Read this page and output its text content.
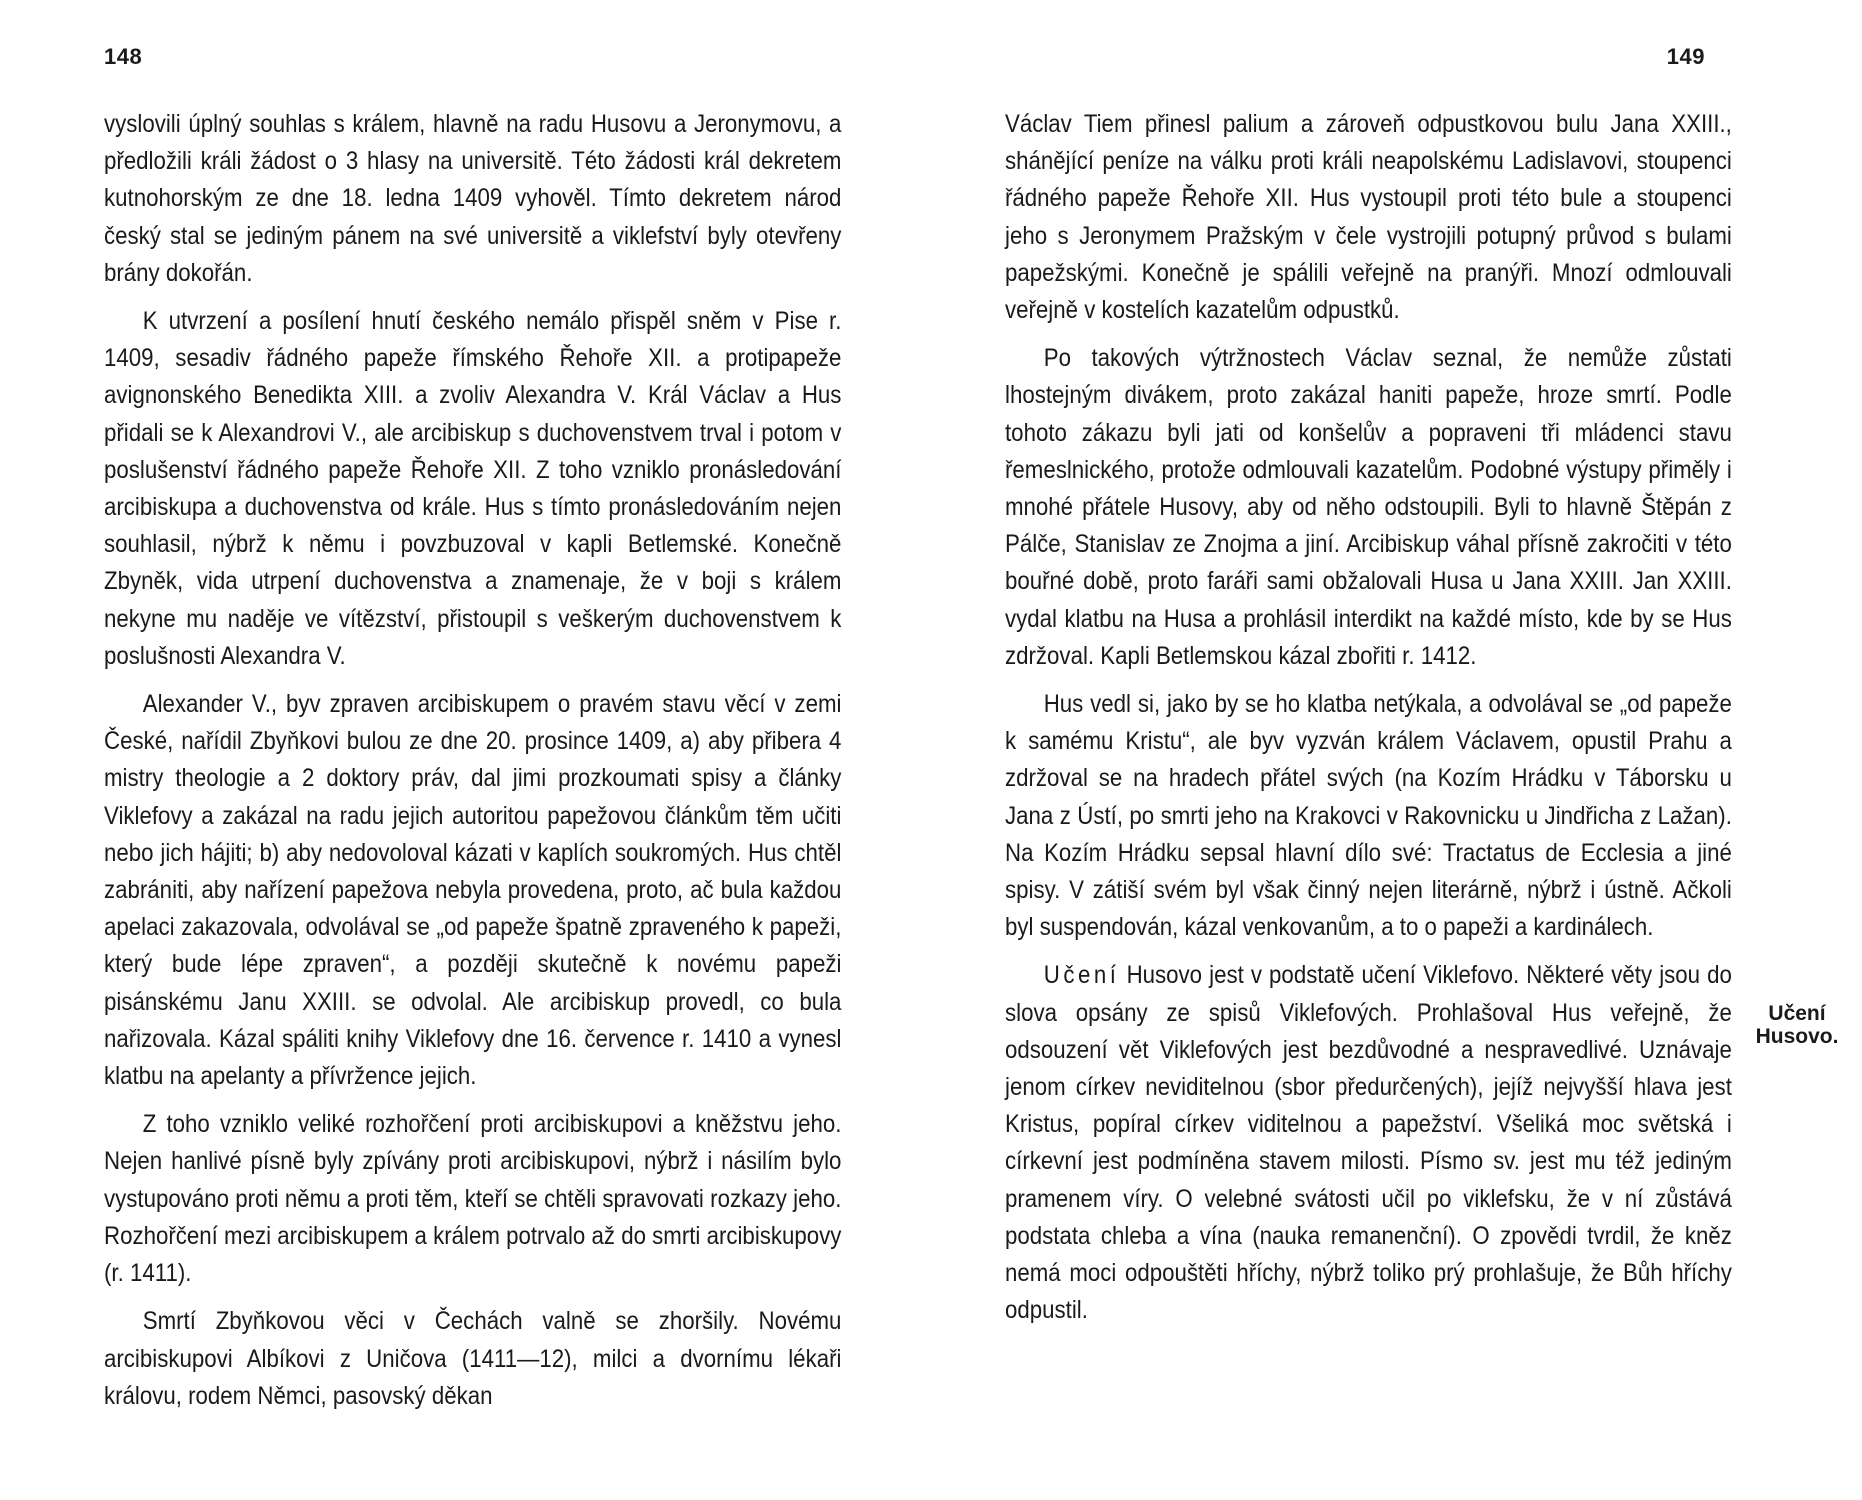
148

vyslovili úplný souhlas s králem, hlavně na radu Husovu a Jeronymovu, a předložili králi žádost o 3 hlasy na universitě. Této žádosti král dekretem kutnohorským ze dne 18. ledna 1409 vyhověl. Tímto dekretem národ český stal se jediným pánem na své universitě a viklefství byly otevřeny brány dokořán.

K utvrzení a posílení hnutí českého nemálo přispěl sněm v Pise r. 1409, sesadiv řádného papeže římského Řehoře XII. a protipapeže avignonského Benedikta XIII. a zvoliv Alexandra V. Král Václav a Hus přidali se k Alexandrovi V., ale arcibiskup s duchovenstvem trval i potom v poslušenství řádného papeže Řehoře XII. Z toho vzniklo pronásledování arcibiskupa a duchovenstva od krále. Hus s tímto pronásledováním nejen souhlasil, nýbrž k němu i povzbuzoval v kapli Betlemské. Konečně Zbyněk, vida utrpení duchovenstva a znamenaje, že v boji s králem nekyne mu naděje ve vítězství, přistoupil s veškerým duchovenstvem k poslušnosti Alexandra V.

Alexander V., byv zpraven arcibiskupem o pravém stavu věcí v zemi České, nařídil Zbyňkovi bulou ze dne 20. prosince 1409, a) aby přibera 4 mistry theologie a 2 doktory práv, dal jimi prozkoumati spisy a články Viklefovy a zakázal na radu jejich autoritou papežovou článkům těm učiti nebo jich hájiti; b) aby nedovoloval kázati v kaplích soukromých. Hus chtěl zabrániti, aby nařízení papežova nebyla provedena, proto, ač bula každou apelaci zakazovala, odvolával se „od papeže špatně zpraveného k papeži, který bude lépe zpraven“, a později skutečně k novému papeži pisánskému Janu XXIII. se odvolal. Ale arcibiskup provedl, co bula nařizovala. Kázal spáliti knihy Viklefovy dne 16. července r. 1410 a vynesl klatbu na apelanty a přívržence jejich.

Z toho vzniklo veliké rozhořčení proti arcibiskupovi a kněžstvu jeho. Nejen hanlivé písně byly zpívány proti arcibiskupovi, nýbrž i násilím bylo vystupováno proti němu a proti těm, kteří se chtěli spravovati rozkazy jeho. Rozhořčení mezi arcibiskupem a králem potrvalo až do smrti arcibiskupovy (r. 1411).

Smrtí Zbyňkovou věci v Čechách valně se zhoršily. Novému arcibiskupovi Albíkovi z Uničova (1411—12), milci a dvornímu lékaři královu, rodem Němci, pasovský děkan

149

Václav Tiem přinesl palium a zároveň odpustkovou bulu Jana XXIII., shánějící peníze na válku proti králi neapolskému Ladislavovi, stoupenci řádného papeže Řehoře XII. Hus vystoupil proti této bule a stoupenci jeho s Jeronymem Pražským v čele vystrojili potupný průvod s bulami papežskými. Konečně je spálili veřejně na pranýři. Mnozí odmlouvali veřejně v kostelích kazatelům odpustků.

Po takových výtržnostech Václav seznal, že nemůže zůstati lhostejným divákem, proto zakázal haniti papeže, hroze smrtí. Podle tohoto zákazu byli jati od konšelův a popraveni tři mládenci stavu řemeslnického, protože odmlouvali kazatelům. Podobné výstupy přiměly i mnohé přátele Husovy, aby od něho odstoupili. Byli to hlavně Štěpán z Pálče, Stanislav ze Znojma a jiní. Arcibiskup váhal přísně zakročiti v této bouřné době, proto faráři sami obžalovali Husa u Jana XXIII. Jan XXIII. vydal klatbu na Husa a prohlásil interdikt na každé místo, kde by se Hus zdržoval. Kapli Betlemskou kázal zbořiti r. 1412.

Hus vedl si, jako by se ho klatba netýkala, a odvolával se „od papeže k samému Kristu“, ale byv vyzván králem Václavem, opustil Prahu a zdržoval se na hradech přátel svých (na Kozím Hrádku v Táborsku u Jana z Ústí, po smrti jeho na Krakovci v Rakovnicku u Jindřicha z Lažan). Na Kozím Hrádku sepsal hlavní dílo své: Tractatus de Ecclesia a jiné spisy. V zátiší svém byl však činný nejen literárně, nýbrž i ústně. Ačkoli byl suspendován, kázal venkovanům, a to o papeži a kardinálech.

Učení Husovo jest v podstatě učení Viklefovo. Některé věty jsou do slova opsány ze spisů Viklefových. Prohlašoval Hus veřejně, že odsouzení vět Viklefových jest bezdůvodné a nespravedlivé. Uznávaje jenom církev neviditelnou (sbor předurčených), jejíž nejvyšší hlava jest Kristus, popíral církev viditelnou a papežství. Všeliká moc světská i církevní jest podmíněna stavem milosti. Písmo sv. jest mu též jediným pramenem víry. O velebné svátosti učil po viklefsku, že v ní zůstává podstata chleba a vína (nauka remanenční). O zpovědi tvrdil, že kněz nemá moci odpouštěti hříchy, nýbrž toliko prý prohlašuje, že Bůh hříchy odpustil.

Učení Husovo.
